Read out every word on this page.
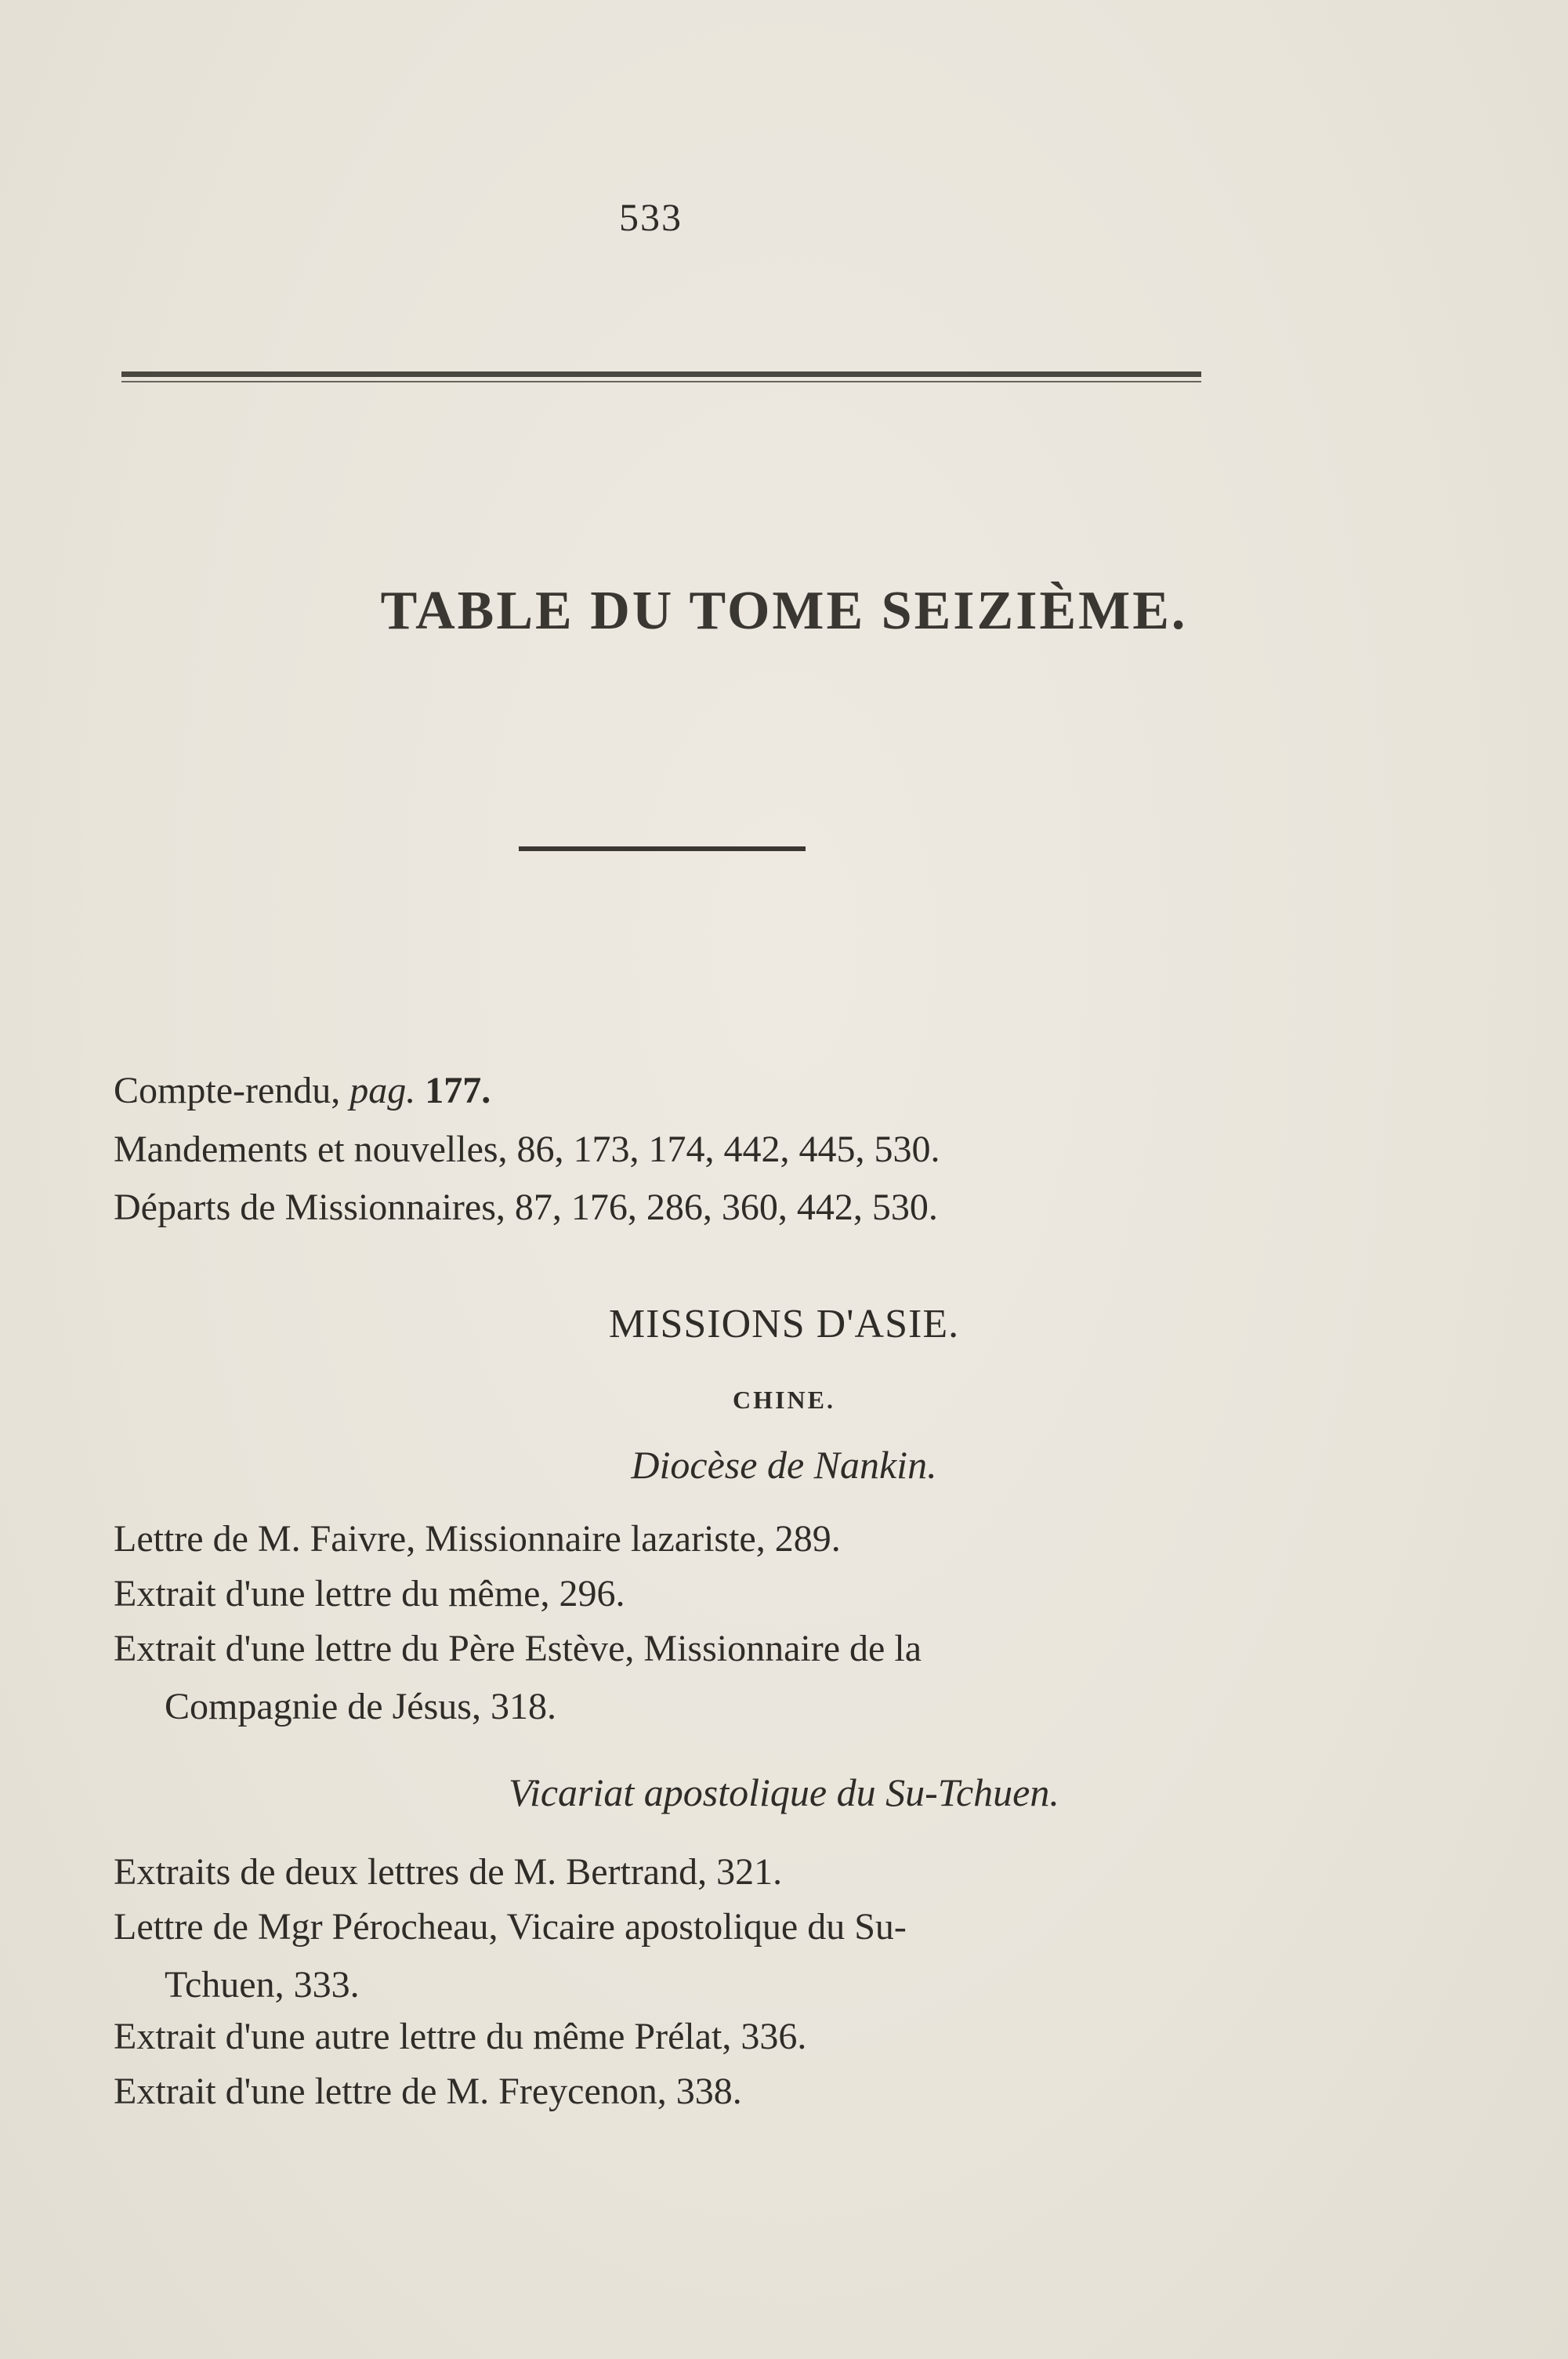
533
TABLE DU TOME SEIZIÈME.
Compte-rendu, pag. 177.
Mandements et nouvelles, 86, 173, 174, 442, 445, 530.
Départs de Missionnaires, 87, 176, 286, 360, 442, 530.
MISSIONS D'ASIE.
CHINE.
Diocèse de Nankin.
Lettre de M. Faivre, Missionnaire lazariste, 289.
Extrait d'une lettre du même, 296.
Extrait d'une lettre du Père Estève, Missionnaire de la
Compagnie de Jésus, 318.
Vicariat apostolique du Su-Tchuen.
Extraits de deux lettres de M. Bertrand, 321.
Lettre de Mgr Pérocheau, Vicaire apostolique du Su-
Tchuen, 333.
Extrait d'une autre lettre du même Prélat, 336.
Extrait d'une lettre de M. Freycenon, 338.
